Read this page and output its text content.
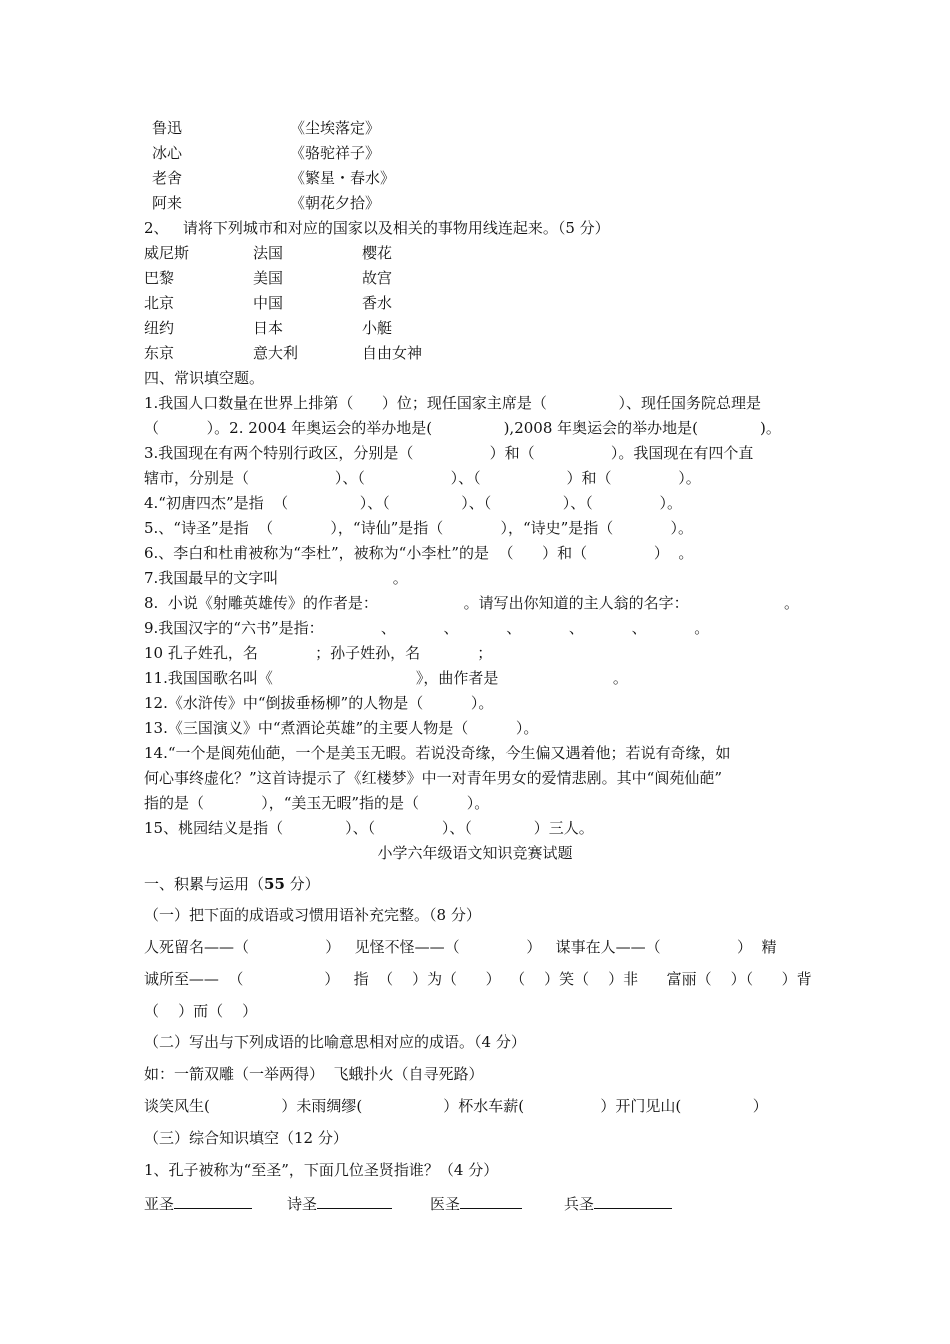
鲁迅	《尘埃落定》
冰心	《骆驼祥子》
老舍	《繁星・春水》
阿来	《朝花夕拾》
2、   请将下列城市和对应的国家以及相关的事物用线连起来。（5 分）
威尼斯	法国	樱花
巴黎	美国	故宫
北京	中国	香水
纽约	日本	小艇
东京	意大利	自由女神
四、常识填空题。
1.我国人口数量在世界上排第（      ）位；现任国家主席是（               ）、现任国务院总理是
（          ）。2. 2004 年奥运会的举办地是(               ),2008 年奥运会的举办地是(             )。
3.我国现在有两个特别行政区，分别是（                ）和（                ）。我国现在有四个直
辖市，分别是（                  ）、（                  ）、（                  ）和（              ）。
4.“初唐四杰”是指  （               ）、（               ）、（               ）、（              ）。
5.、“诗圣”是指  （            ），“诗仙”是指（            ），“诗史”是指（            ）。
6.、李白和杜甫被称为“李杜”，被称为“小李杜”的是  （      ）和（              ）  。
7.我国最早的文字叫                        。
8.  小说《射雕英雄传》的作者是：                  。请写出你知道的主人翁的名字：                    。
9.我国汉字的“六书”是指：            、          、          、          、          、          。
10 孔子姓孔，名            ；孙子姓孙，名            ；
11.我国国歌名叫《                              》，曲作者是                        。
12.《水浒传》中“倒拔垂杨柳”的人物是（          ）。
13.《三国演义》中“煮酒论英雄”的主要人物是（          ）。
14.“一个是阆苑仙葩，一个是美玉无暇。若说没奇缘，今生偏又遇着他；若说有奇缘，如
何心事终虚化？”这首诗提示了《红楼梦》中一对青年男女的爱情悲剧。其中“阆苑仙葩”
指的是（            ），“美玉无暇”指的是（          ）。
15、桃园结义是指（             ）、（              ）、（             ）三人。
小学六年级语文知识竞赛试题
一、积累与运用（55 分）
（一）把下面的成语或习惯用语补充完整。（8 分）
人死留名——（                ）   见怪不怪——（              ）   谋事在人——（                ）  精
诚所至——  （                 ）   指  （    ）为（      ）  （    ）笑（    ）非      富丽（    ）（      ）背
（    ）而（    ）
（二）写出与下列成语的比喻意思相对应的成语。（4 分）
如：一箭双雕（一举两得）  飞蛾扑火（自寻死路）
谈笑风生(               ）未雨绸缪(                 ）杯水车薪(                ）开门见山(               ）
（三）综合知识填空（12 分）
1、孔子被称为“至圣”，下面几位圣贤指谁？（4 分）
亚圣	诗圣	医圣	兵圣
